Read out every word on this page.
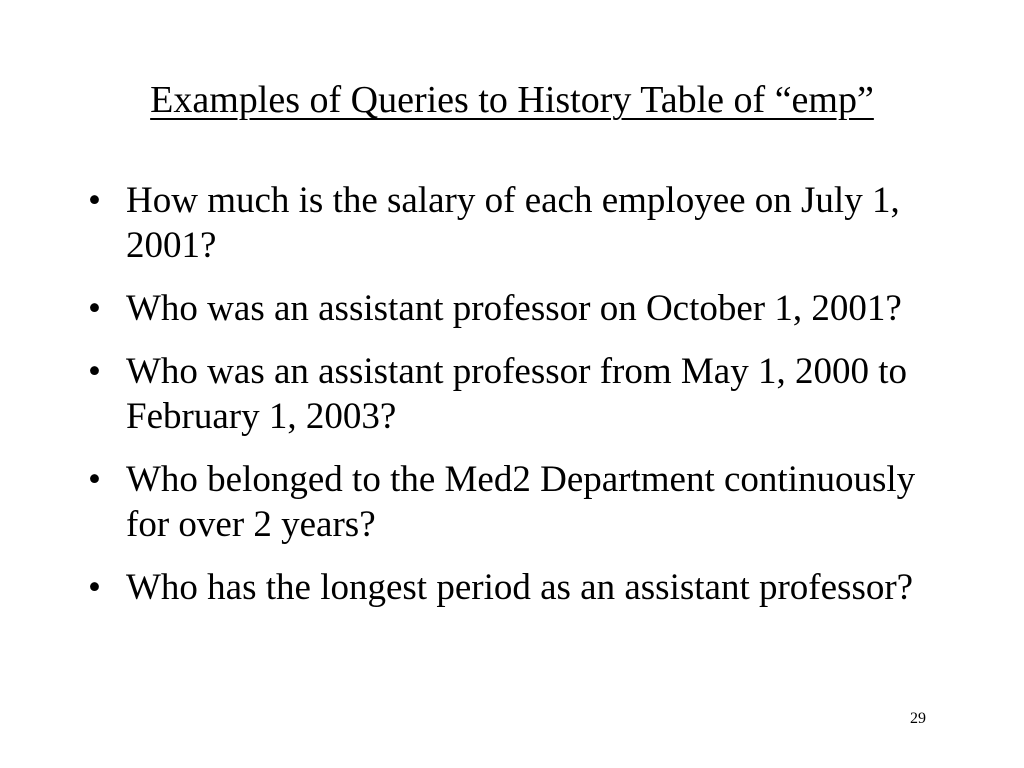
Examples of Queries to History Table of “emp”
• How much is the salary of each employee on July 1, 2001?
• Who was an assistant professor on October 1, 2001?
• Who was an assistant professor from May 1, 2000 to February 1, 2003?
• Who belonged to the Med2 Department continuously for over 2 years?
• Who has the longest period as an assistant professor?
29
